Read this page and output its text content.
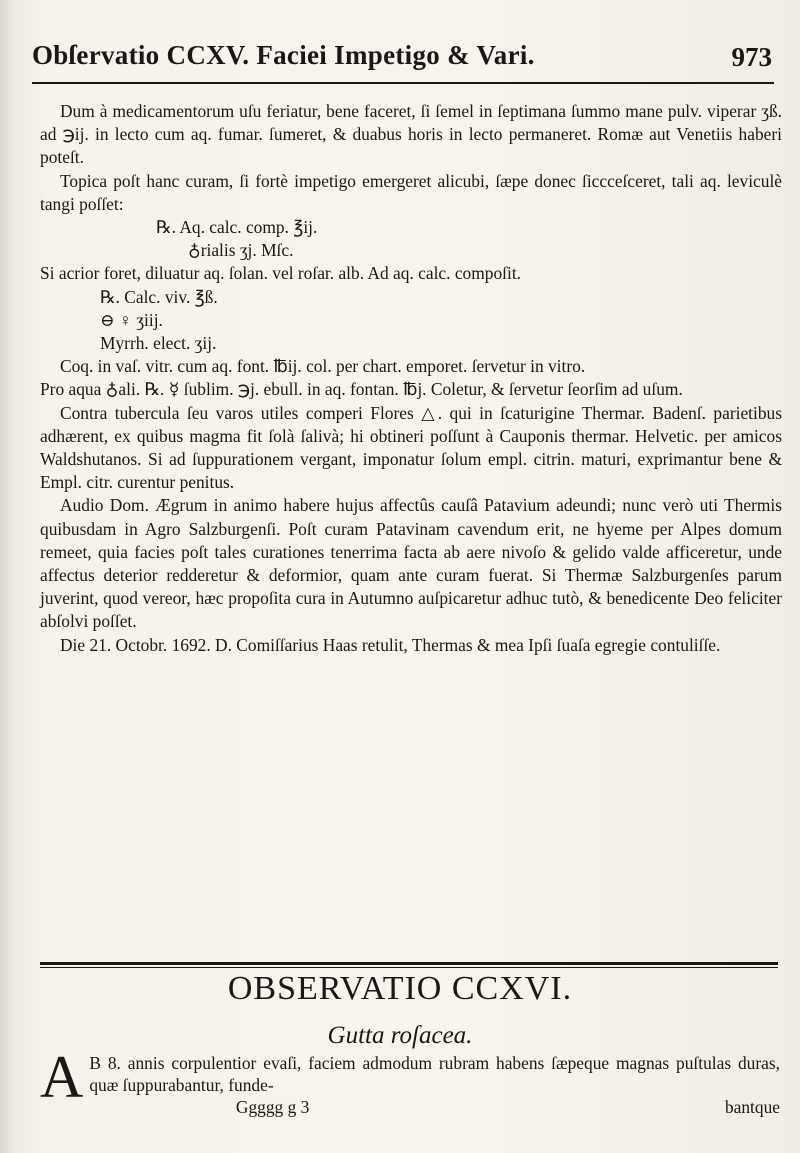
Obſervatio CCXV. Faciei Impetigo & Vari.	973

Dum à medicamentorum uſu feriatur, bene faceret, ſi ſemel in ſeptimana ſummo mane pulv. viperar ʒß. ad ℈ij. in lecto cum aq. fumar. ſumeret, & duabus horis in lecto permaneret. Romæ aut Venetiis haberi poteſt.

Topica poſt hanc curam, ſi fortè impetigo emergeret alicubi, ſæpe donec ſiccceſceret, tali aq. leviculè tangi poſſet:

℞. Aq. calc. comp. ℥ij.

♁rialis ʒj. Mſc.

Si acrior foret, diluatur aq. ſolan. vel roſar. alb. Ad aq. calc. compoſit.

℞. Calc. viv. ℥ß.

⊖ ♀ ʒiij.

Myrrh. elect. ʒij.

Coq. in vaſ. vitr. cum aq. font. ℔ij. col. per chart. emporet. ſervetur in vitro.

Pro aqua ♁ali. ℞. ☿ ſublim. ℈j. ebull. in aq. fontan. ℔j. Coletur, & ſervetur ſeorſim ad uſum.

Contra tubercula ſeu varos utiles comperi Flores △. qui in ſcaturigine Thermar. Badenſ. parietibus adhærent, ex quibus magma fit ſolà ſalivà; hi obtineri poſſunt à Cauponis thermar. Helvetic. per amicos Waldshutanos. Si ad ſuppurationem vergant, imponatur ſolum empl. citrin. maturi, exprimantur bene & Empl. citr. curentur penitus.

Audio Dom. Ægrum in animo habere hujus affectûs cauſâ Patavium adeundi; nunc verò uti Thermis quibusdam in Agro Salzburgenſi. Poſt curam Patavinam cavendum erit, ne hyeme per Alpes domum remeet, quia facies poſt tales curationes tenerrima facta ab aere nivoſo & gelido valde afficeretur, unde affectus deterior redderetur & deformior, quam ante curam fuerat. Si Thermæ Salzburgenſes parum juverint, quod vereor, hæc propoſita cura in Autumno auſpicaretur adhuc tutò, & benedicente Deo feliciter abſolvi poſſet.

Die 21. Octobr. 1692. D. Comiſſarius Haas retulit, Thermas & mea Ipſi ſuaſa egregie contuliſſe.

OBSERVATIO CCXVI.
Gutta roſacea.
A B 8. annis corpulentior evaſi, faciem admodum rubram habens ſæpeque magnas puſtulas duras, quæ ſuppurabantur, funde-
Ggggg g 3	bantque
